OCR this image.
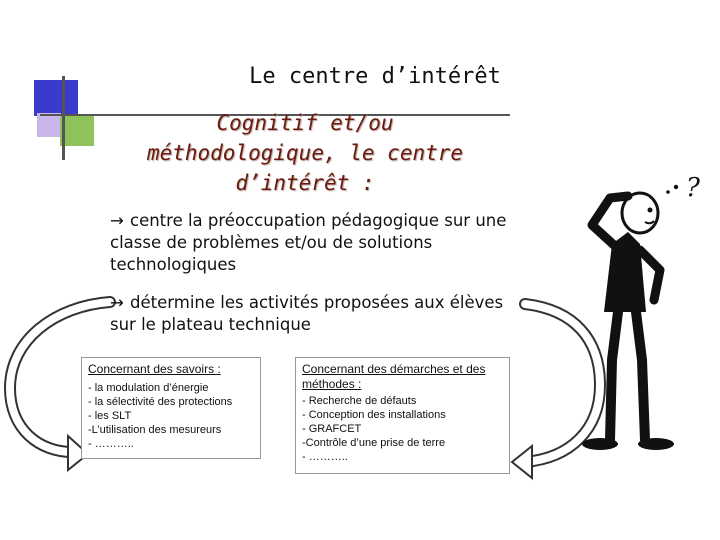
?
Le centre d’intérêt
Cognitif et/ou méthodologique, le centre d’intérêt :
→ centre la préoccupation pédagogique sur une classe de problèmes et/ou de solutions technologiques
→ détermine les activités proposées aux élèves sur le plateau technique
Concernant des savoirs :
- la modulation d’énergie
- la sélectivité des protections
- les SLT
-L’utilisation des mesureurs
- ………..
Concernant des démarches et des méthodes :
- Recherche de défauts
- Conception des installations
- GRAFCET
-Contrôle d’une prise de terre
- ………..
